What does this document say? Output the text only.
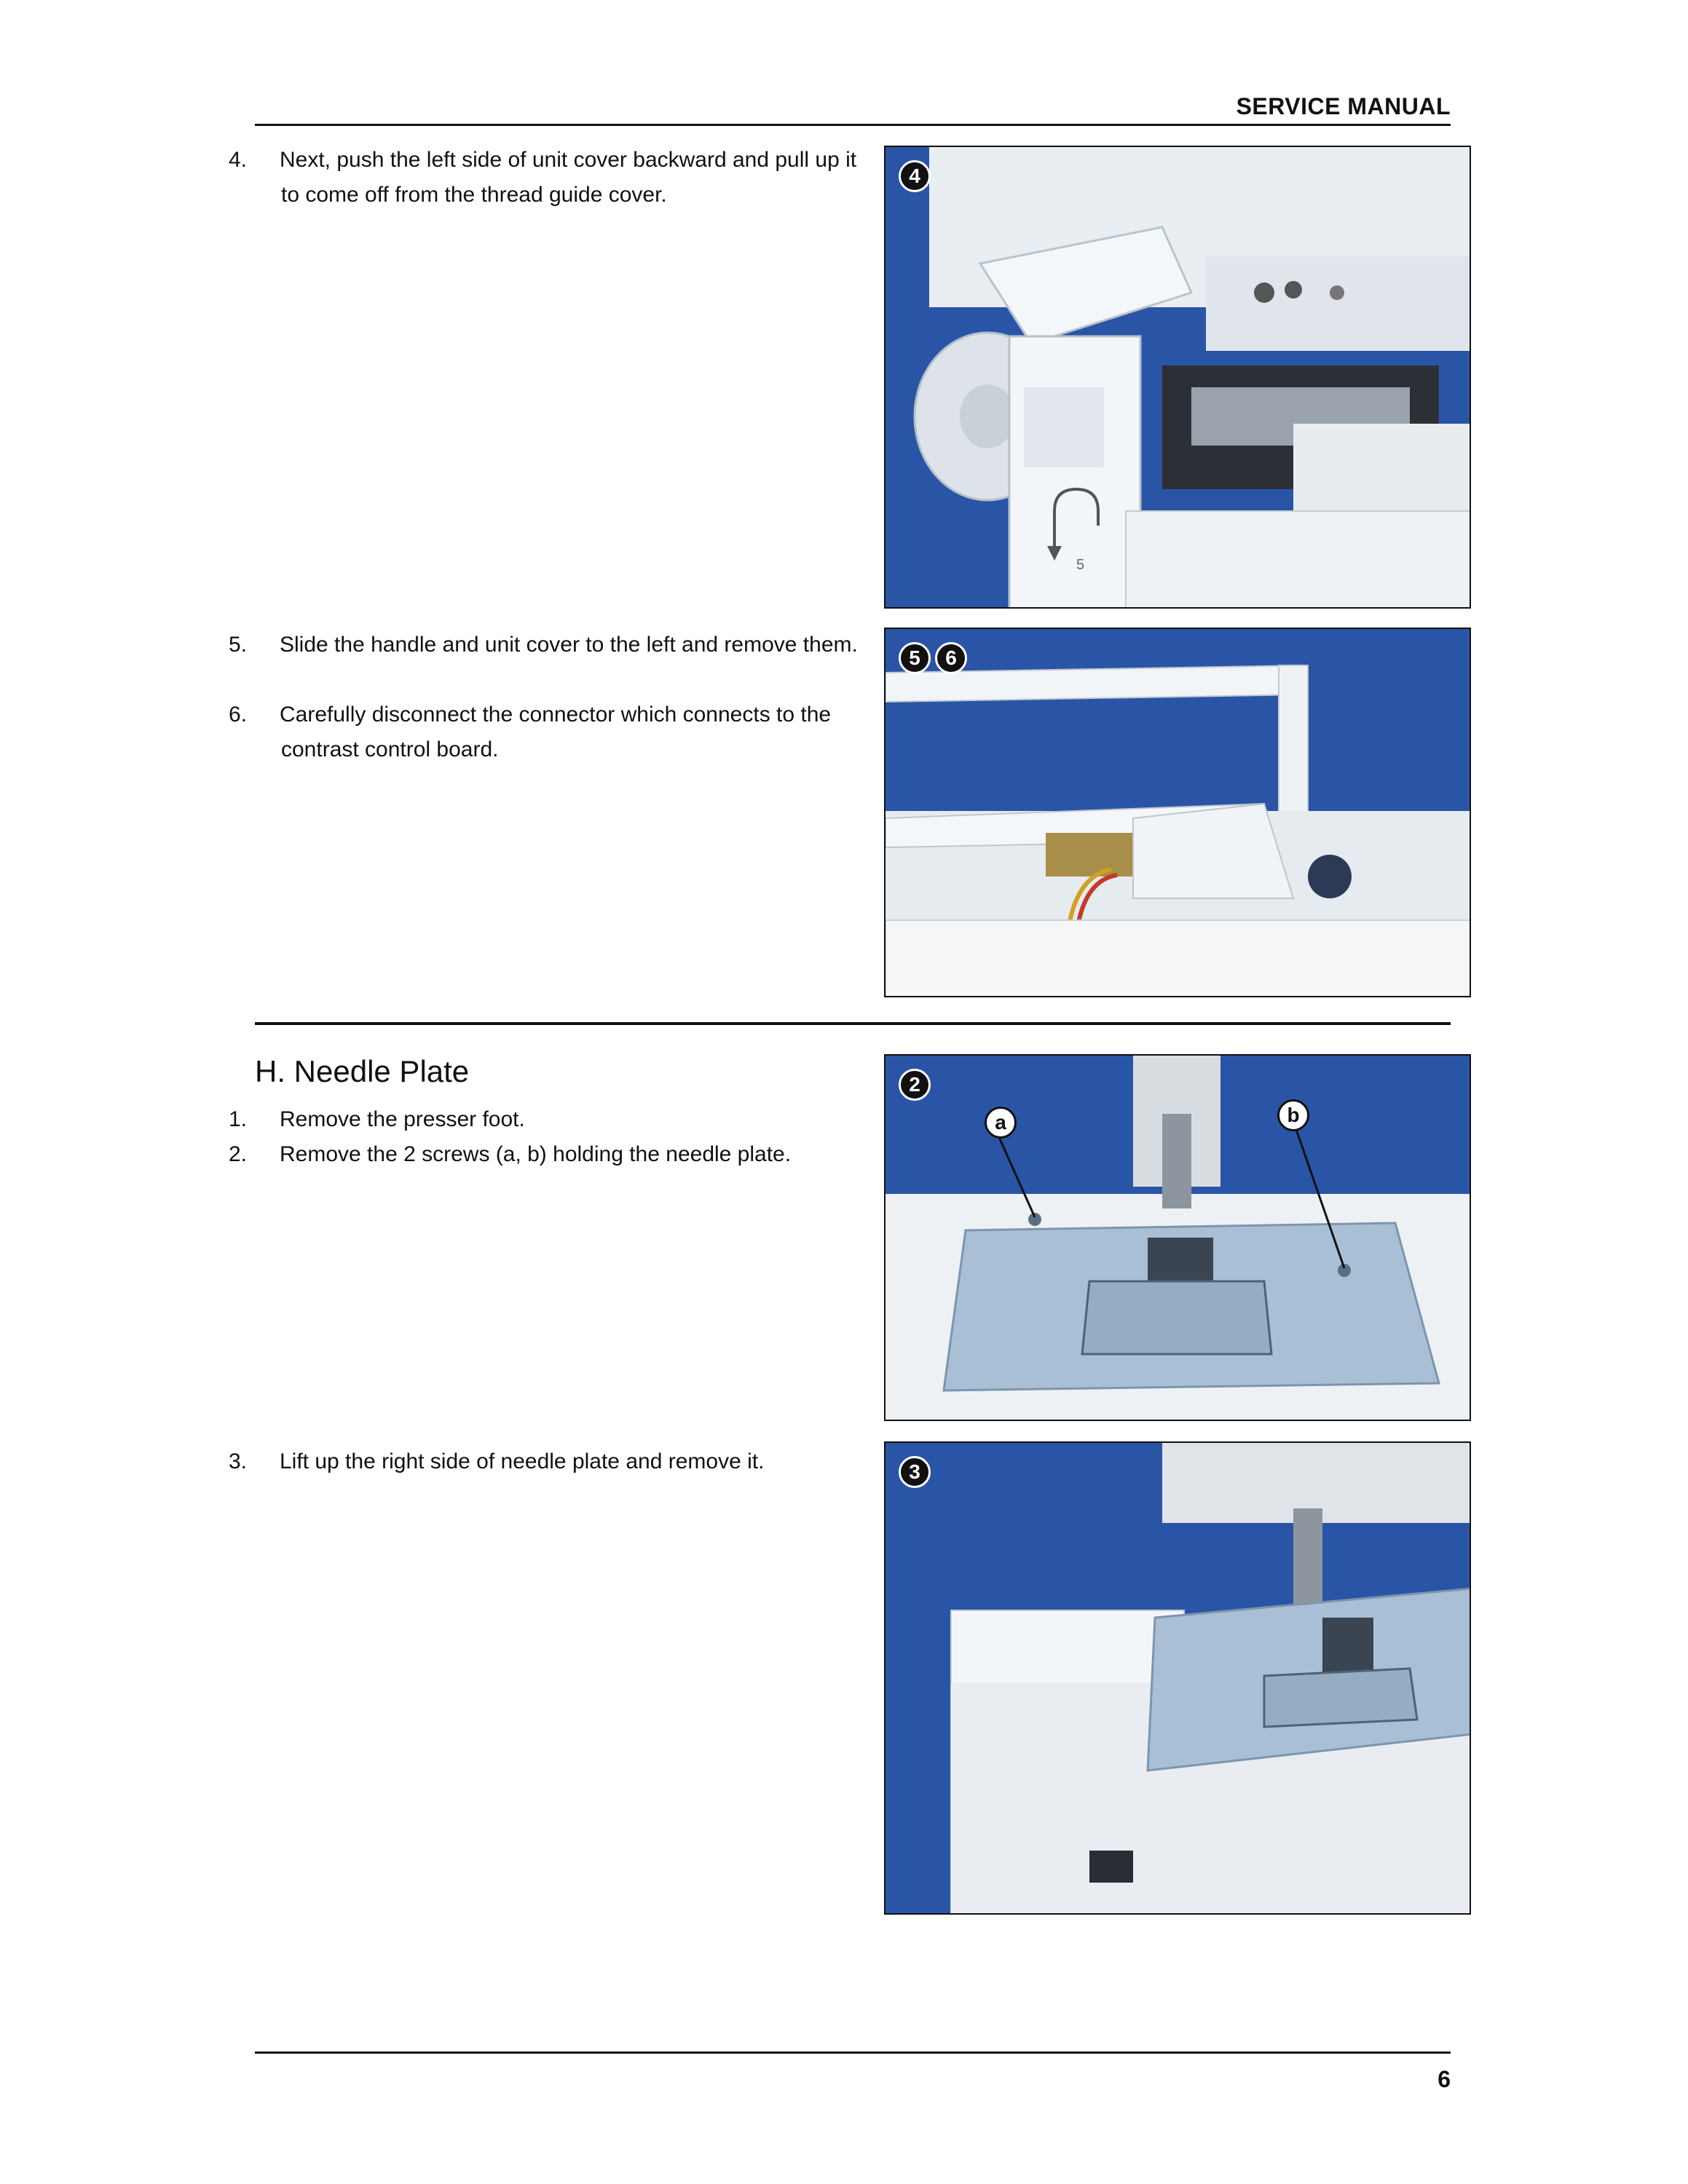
SERVICE MANUAL
4. Next, push the left side of unit cover backward and pull up it to come off from the thread guide cover.
5
4
5. Slide the handle and unit cover to the left and remove them.
6. Carefully disconnect the connector which connects to the contrast control board.
5	6
H. Needle Plate
1. Remove the presser foot.
2. Remove the 2 screws (a, b) holding the needle plate.
2
a	b
3. Lift up the right side of needle plate and remove it.	3
6
